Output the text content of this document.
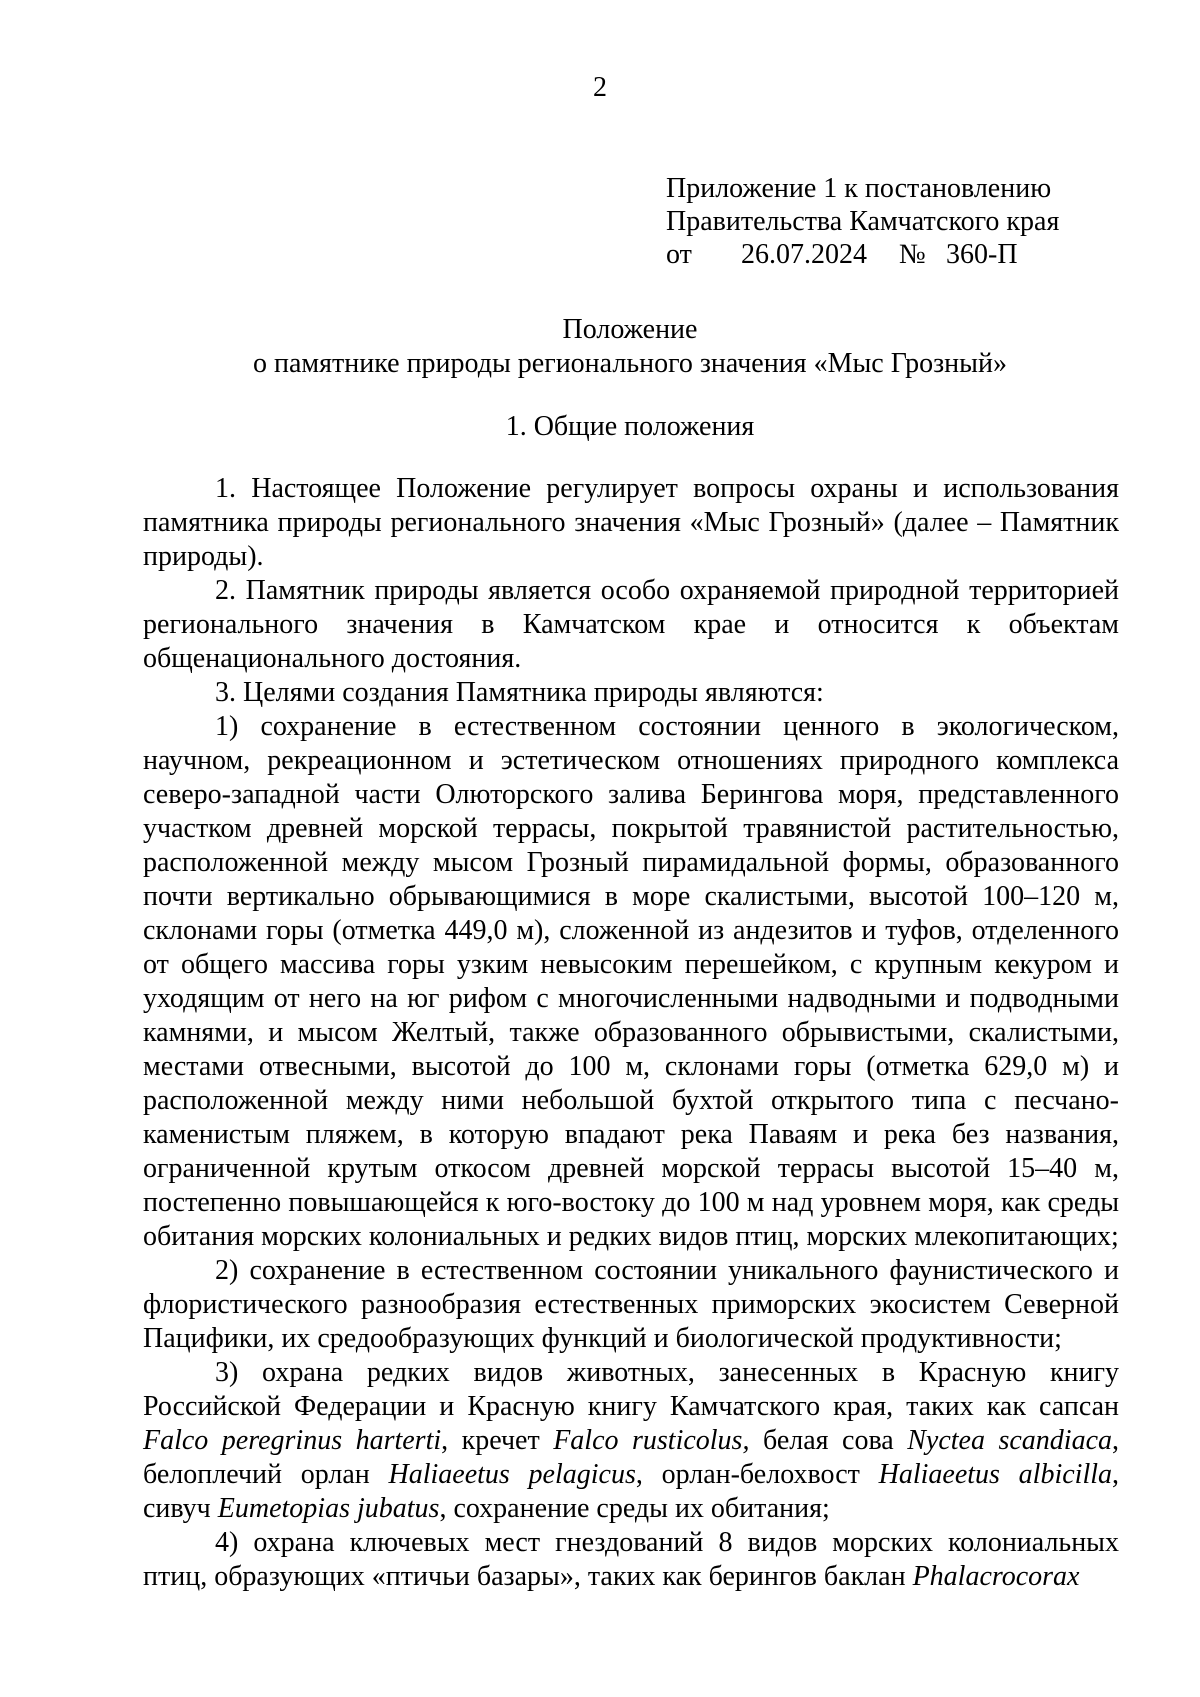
2
Приложение 1 к постановлению
Правительства Камчатского края
от 26.07.2024 № 360-П
Положение
о памятнике природы регионального значения «Мыс Грозный»
1. Общие положения

1. Настоящее Положение регулирует вопросы охраны и использования памятника природы регионального значения «Мыс Грозный» (далее – Памятник природы).

2. Памятник природы является особо охраняемой природной территорией регионального значения в Камчатском крае и относится к объектам общенационального достояния.

3. Целями создания Памятника природы являются:

1) сохранение в естественном состоянии ценного в экологическом, научном, рекреационном и эстетическом отношениях природного комплекса северо-западной части Олюторского залива Берингова моря, представленного участком древней морской террасы, покрытой травянистой растительностью, расположенной между мысом Грозный пирамидальной формы, образованного почти вертикально обрывающимися в море скалистыми, высотой 100–120 м, склонами горы (отметка 449,0 м), сложенной из андезитов и туфов, отделенного от общего массива горы узким невысоким перешейком, с крупным кекуром и уходящим от него на юг рифом с многочисленными надводными и подводными камнями, и мысом Желтый, также образованного обрывистыми, скалистыми, местами отвесными, высотой до 100 м, склонами горы (отметка 629,0 м) и расположенной между ними небольшой бухтой открытого типа с песчано-каменистым пляжем, в которую впадают река Паваям и река без названия, ограниченной крутым откосом древней морской террасы высотой 15–40 м, постепенно повышающейся к юго-востоку до 100 м над уровнем моря, как среды обитания морских колониальных и редких видов птиц, морских млекопитающих;

2) сохранение в естественном состоянии уникального фаунистического и флористического разнообразия естественных приморских экосистем Северной Пацифики, их средообразующих функций и биологической продуктивности;

3) охрана редких видов животных, занесенных в Красную книгу Российской Федерации и Красную книгу Камчатского края, таких как сапсан Falco peregrinus harterti, кречет Falco rusticolus, белая сова Nyctea scandiaca, белоплечий орлан Haliaeetus pelagicus, орлан-белохвост Haliaeetus albicilla, сивуч Eumetopias jubatus, сохранение среды их обитания;

4) охрана ключевых мест гнездований 8 видов морских колониальных птиц, образующих «птичьи базары», таких как берингов баклан Phalacrocorax
